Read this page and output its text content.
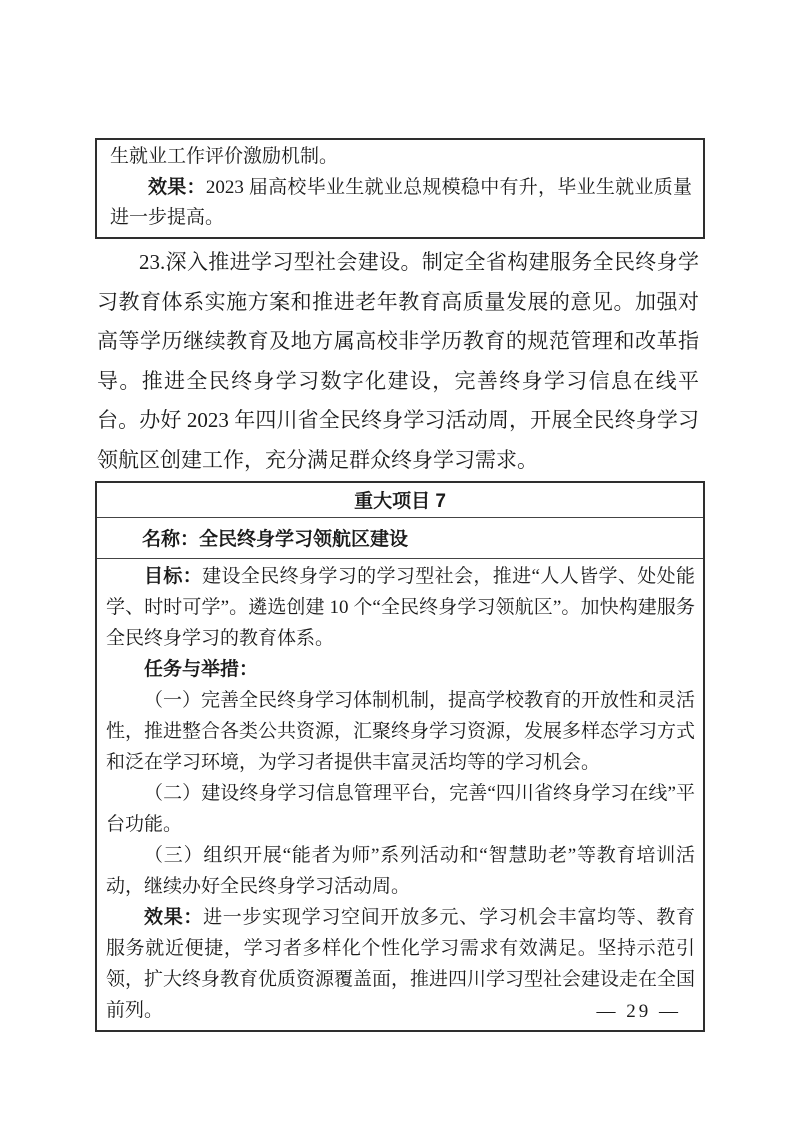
生就业工作评价激励机制。

效果：2023 届高校毕业生就业总规模稳中有升，毕业生就业质量进一步提高。

23.深入推进学习型社会建设。制定全省构建服务全民终身学习教育体系实施方案和推进老年教育高质量发展的意见。加强对高等学历继续教育及地方属高校非学历教育的规范管理和改革指导。推进全民终身学习数字化建设，完善终身学习信息在线平台。办好 2023 年四川省全民终身学习活动周，开展全民终身学习领航区创建工作，充分满足群众终身学习需求。

重大项目 7
名称：全民终身学习领航区建设

目标：建设全民终身学习的学习型社会，推进“人人皆学、处处能学、时时可学”。遴选创建 10 个“全民终身学习领航区”。加快构建服务全民终身学习的教育体系。

任务与举措：

（一）完善全民终身学习体制机制，提高学校教育的开放性和灵活性，推进整合各类公共资源，汇聚终身学习资源，发展多样态学习方式和泛在学习环境，为学习者提供丰富灵活均等的学习机会。

（二）建设终身学习信息管理平台，完善“四川省终身学习在线”平台功能。

（三）组织开展“能者为师”系列活动和“智慧助老”等教育培训活动，继续办好全民终身学习活动周。

效果：进一步实现学习空间开放多元、学习机会丰富均等、教育服务就近便捷，学习者多样化个性化学习需求有效满足。坚持示范引领，扩大终身教育优质资源覆盖面，推进四川学习型社会建设走在全国前列。	— 29 —
